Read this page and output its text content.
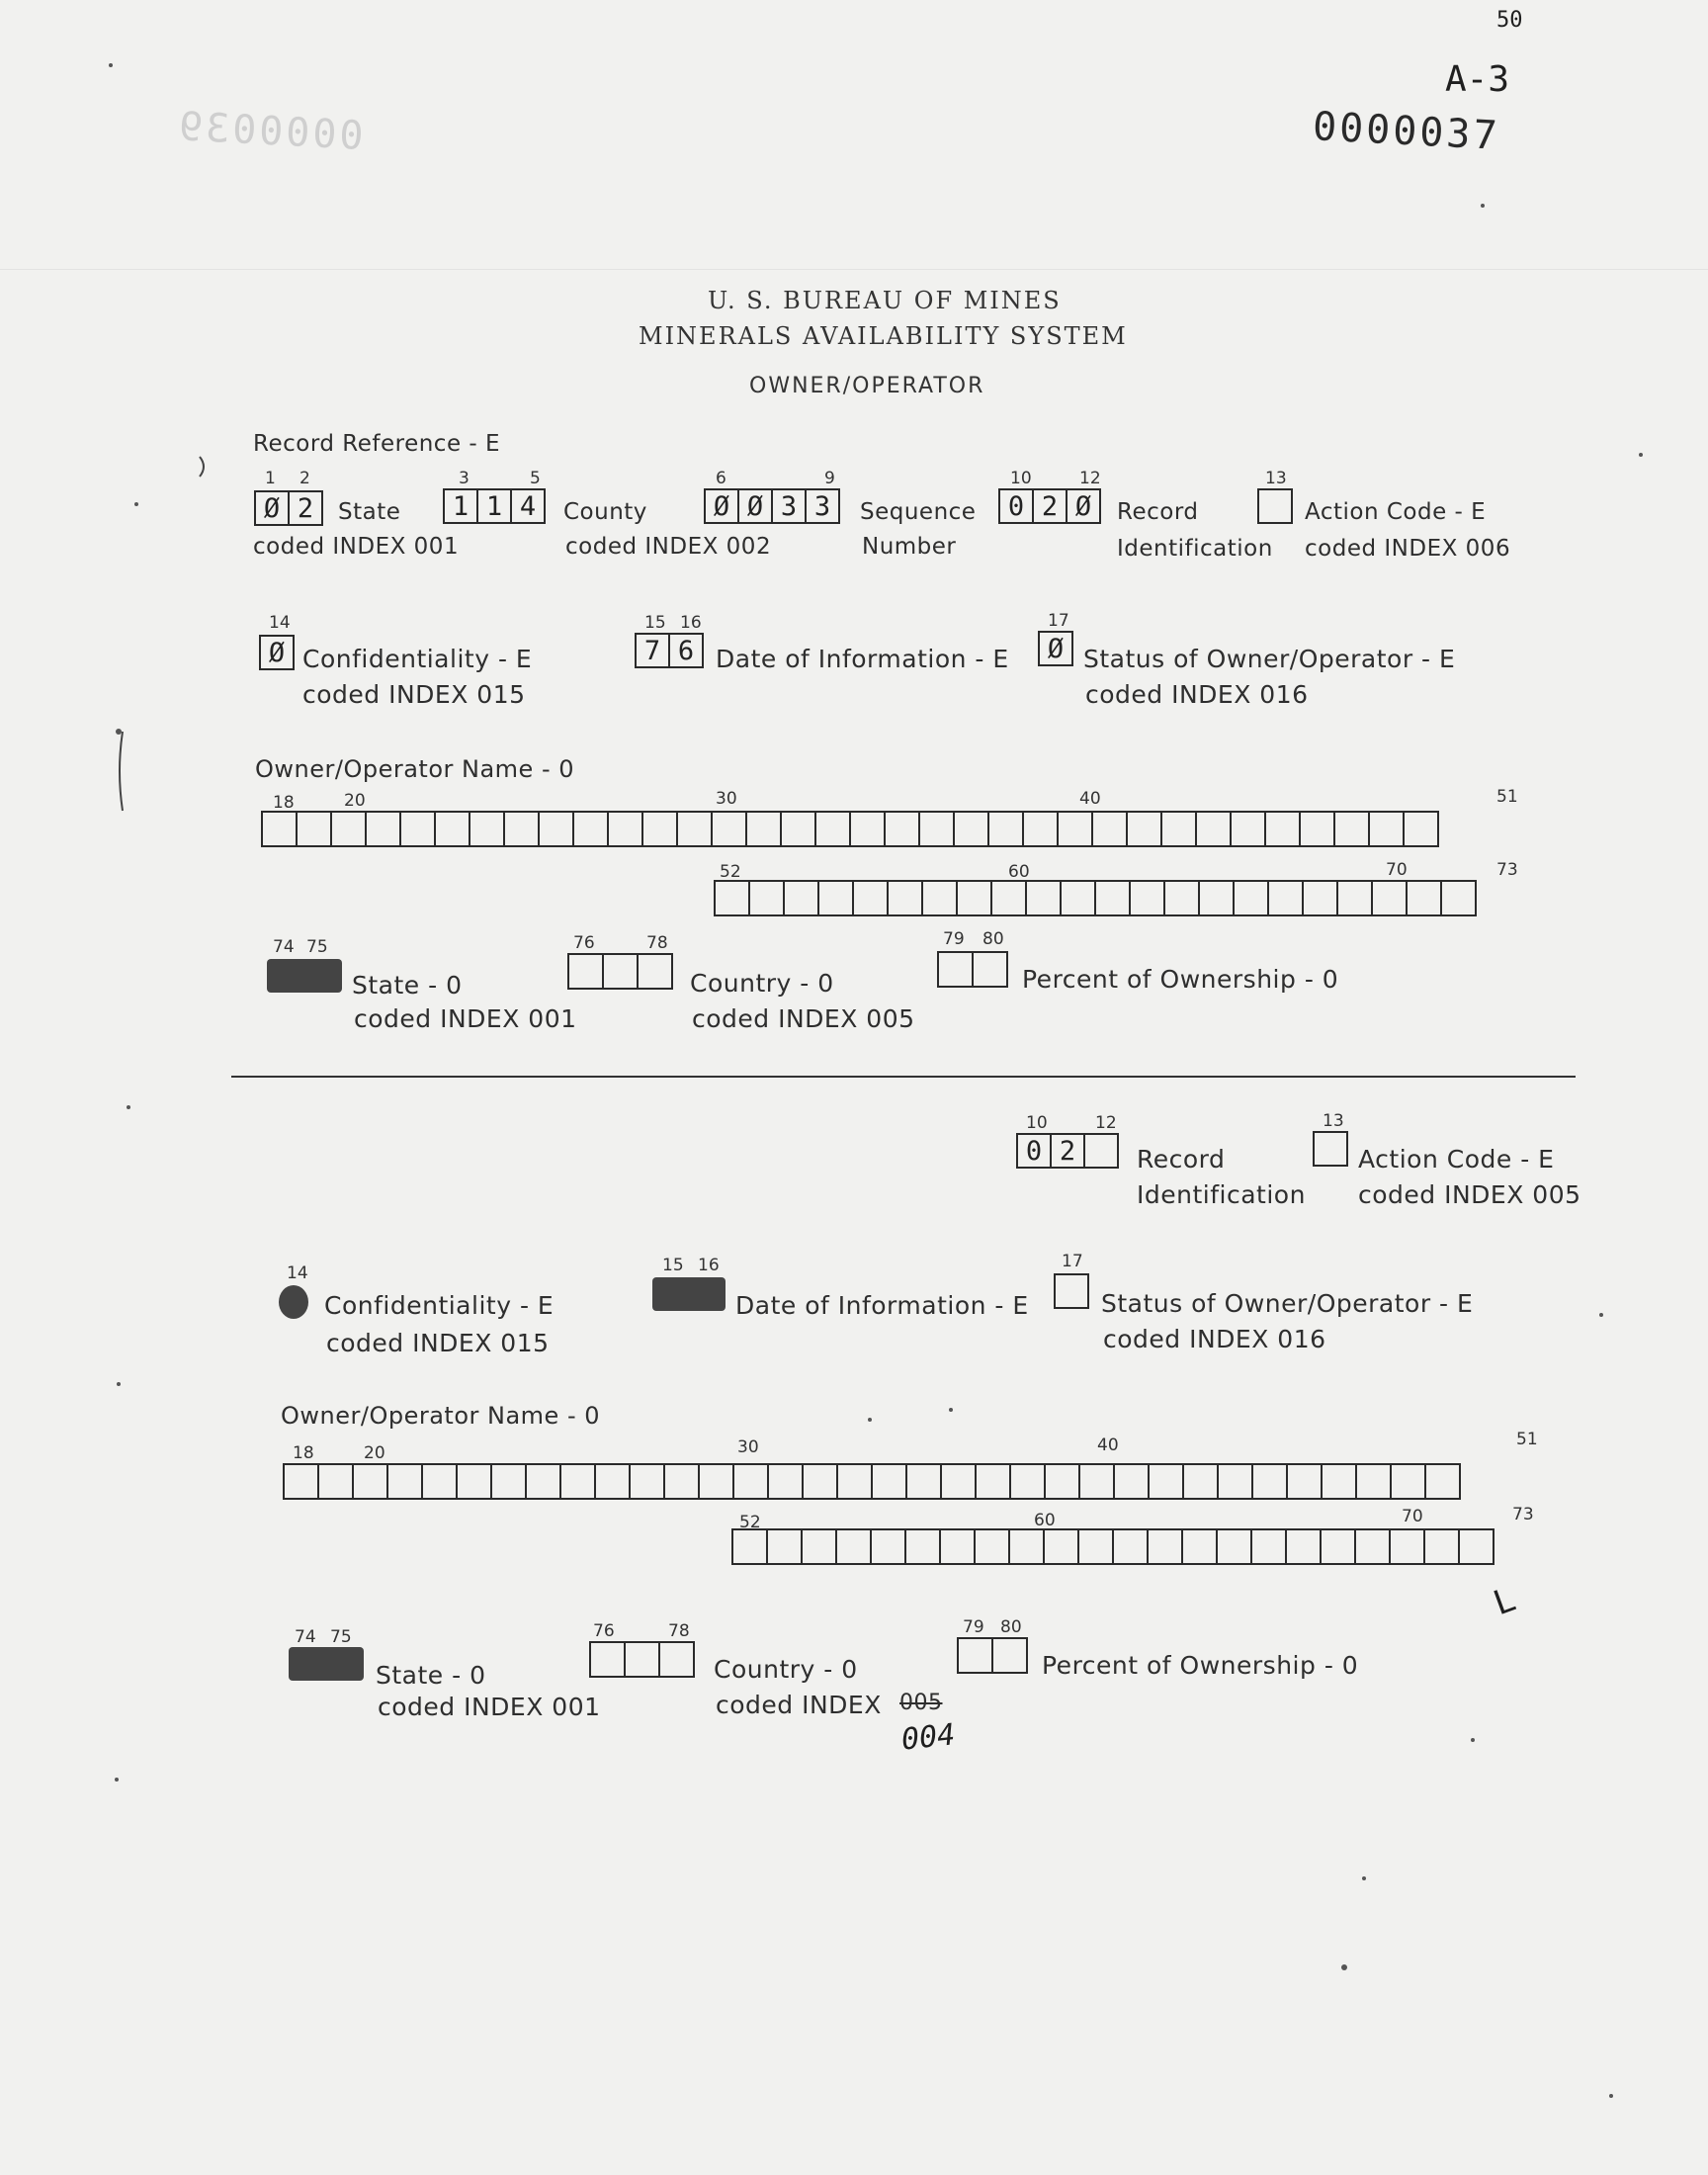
50
A-3
0000037
0000039
U. S. BUREAU OF MINES
MINERALS AVAILABILITY SYSTEM
OWNER/OPERATOR
Record Reference - E
1 2
Ø 2	State
coded INDEX 001
3	5
1 1 4	County
coded INDEX 002
6	9
Ø Ø 3 3	Sequence
Number
10	12
0 2 Ø	Record
Identification
13
Action Code - E
coded INDEX 006
14
Ø Confidentiality - E
coded INDEX 015
15 16
7 6 Date of Information - E
17
Ø Status of Owner/Operator - E
coded INDEX 016
Owner/Operator Name - 0
18	20	30	40	51
52	60	70	73
74 75
State - 0
coded INDEX 001
76	78
Country - 0
coded INDEX 005
79 80
Percent of Ownership - 0
10	12
0 2	Record
Identification
13
Action Code - E
coded INDEX 005
14
Confidentiality - E
coded INDEX 015
15 16
Date of Information - E
17
Status of Owner/Operator - E
coded INDEX 016
Owner/Operator Name - 0
18	20	30	40	51
52	60	70	73
L
74 75
State - 0
coded INDEX 001
76	78
Country - 0
coded INDEX 005
004
79 80
Percent of Ownership - 0
